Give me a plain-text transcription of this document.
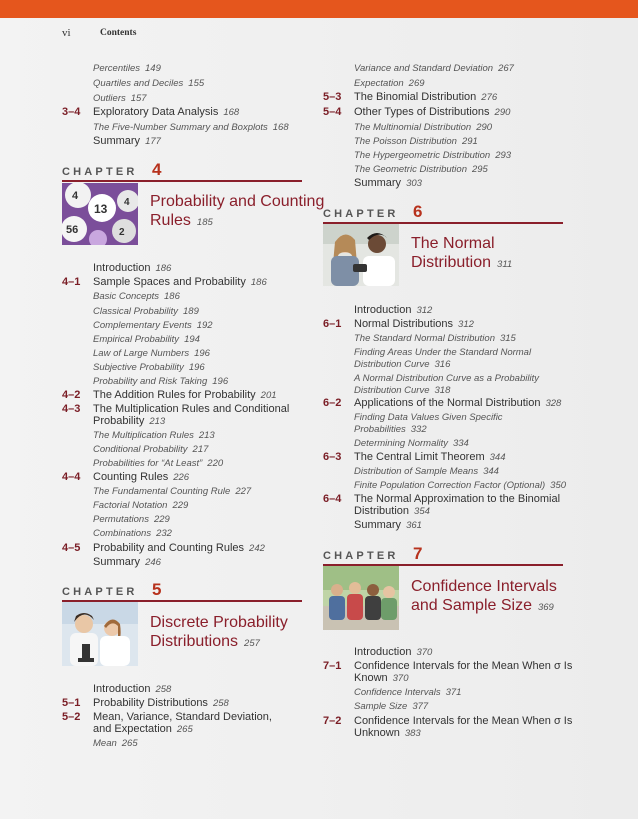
vi	Contents
Percentiles 149
Quartiles and Deciles 155
Outliers 157
3–4 Exploratory Data Analysis 168
The Five-Number Summary and Boxplots 168
Summary 177
CHAPTER 4
4
13 4
56	2
Probability and Counting
Rules 185
Introduction 186
4–1 Sample Spaces and Probability 186
Basic Concepts 186
Classical Probability 189
Complementary Events 192
Empirical Probability 194
Law of Large Numbers 196
Subjective Probability 196
Probability and Risk Taking 196
4–2 The Addition Rules for Probability 201
4–3 The Multiplication Rules and Conditional
Probability 213
The Multiplication Rules 213
Conditional Probability 217
Probabilities for “At Least” 220
4–4 Counting Rules 226
The Fundamental Counting Rule 227
Factorial Notation 229
Permutations 229
Combinations 232
4–5 Probability and Counting Rules 242
Summary 246
CHAPTER 5
Discrete Probability
Distributions 257
Introduction 258
5–1 Probability Distributions 258
5–2 Mean, Variance, Standard Deviation,
and Expectation 265
Mean 265
Variance and Standard Deviation 267
Expectation 269
5–3 The Binomial Distribution 276
5–4 Other Types of Distributions 290
The Multinomial Distribution 290
The Poisson Distribution 291
The Hypergeometric Distribution 293
The Geometric Distribution 295
Summary 303
CHAPTER 6
The Normal
Distribution 311
Introduction 312
6–1 Normal Distributions 312
The Standard Normal Distribution 315
Finding Areas Under the Standard Normal
Distribution Curve 316
A Normal Distribution Curve as a Probability
Distribution Curve 318
6–2 Applications of the Normal Distribution 328
Finding Data Values Given Specific
Probabilities 332
Determining Normality 334
6–3 The Central Limit Theorem 344
Distribution of Sample Means 344
Finite Population Correction Factor (Optional) 350
6–4 The Normal Approximation to the Binomial
Distribution 354
Summary 361
CHAPTER 7
Confidence Intervals
and Sample Size 369
Introduction 370
7–1 Confidence Intervals for the Mean When σ Is
Known 370
Confidence Intervals 371
Sample Size 377
7–2 Confidence Intervals for the Mean When σ Is
Unknown 383
